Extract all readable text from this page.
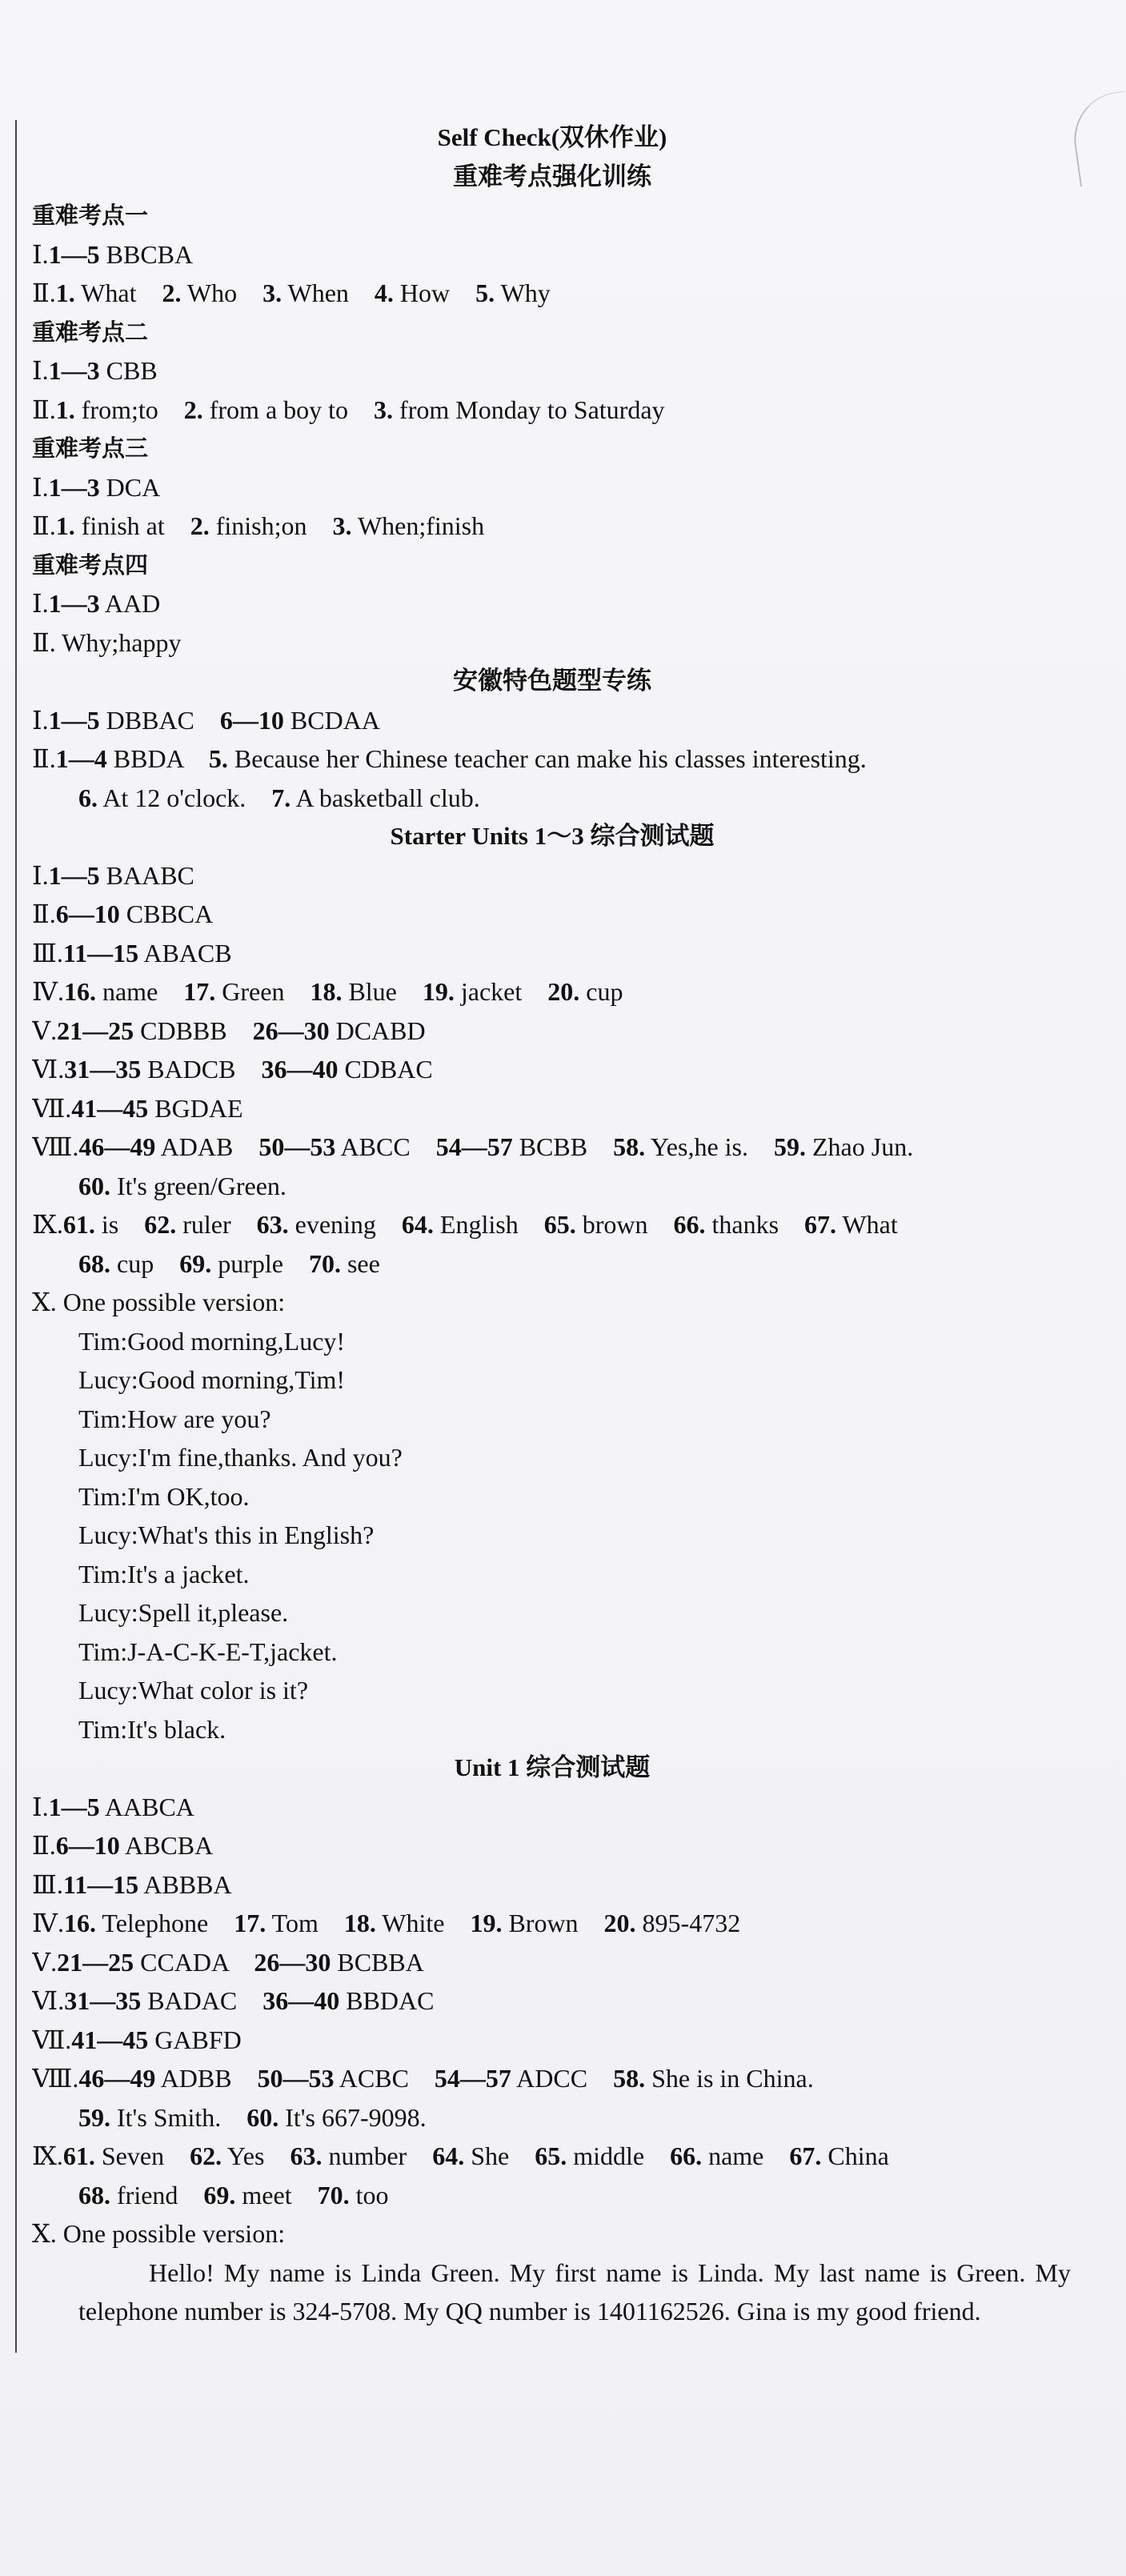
Self Check(双休作业)
重难考点强化训练
重难考点一
Ⅰ.1—5 BBCBA
Ⅱ.1. What    2. Who    3. When    4. How    5. Why
重难考点二
Ⅰ.1—3 CBB
Ⅱ.1. from;to    2. from a boy to    3. from Monday to Saturday
重难考点三
Ⅰ.1—3 DCA
Ⅱ.1. finish at    2. finish;on    3. When;finish
重难考点四
Ⅰ.1—3 AAD
Ⅱ. Why;happy
安徽特色题型专练
Ⅰ.1—5 DBBAC    6—10 BCDAA
Ⅱ.1—4 BBDA    5. Because her Chinese teacher can make his classes interesting.
6. At 12 o'clock.    7. A basketball club.
Starter Units 1～3 综合测试题
Ⅰ.1—5 BAABC
Ⅱ.6—10 CBBCA
Ⅲ.11—15 ABACB
Ⅳ.16. name    17. Green    18. Blue    19. jacket    20. cup
Ⅴ.21—25 CDBBB    26—30 DCABD
Ⅵ.31—35 BADCB    36—40 CDBAC
Ⅶ.41—45 BGDAE
Ⅷ.46—49 ADAB    50—53 ABCC    54—57 BCBB    58. Yes,he is.    59. Zhao Jun.
60. It's green/Green.
Ⅸ.61. is    62. ruler    63. evening    64. English    65. brown    66. thanks    67. What
68. cup    69. purple    70. see
Ⅹ. One possible version:
Tim:Good morning,Lucy!
Lucy:Good morning,Tim!
Tim:How are you?
Lucy:I'm fine,thanks. And you?
Tim:I'm OK,too.
Lucy:What's this in English?
Tim:It's a jacket.
Lucy:Spell it,please.
Tim:J-A-C-K-E-T,jacket.
Lucy:What color is it?
Tim:It's black.
Unit 1 综合测试题
Ⅰ.1—5 AABCA
Ⅱ.6—10 ABCBA
Ⅲ.11—15 ABBBA
Ⅳ.16. Telephone    17. Tom    18. White    19. Brown    20. 895-4732
Ⅴ.21—25 CCADA    26—30 BCBBA
Ⅵ.31—35 BADAC    36—40 BBDAC
Ⅶ.41—45 GABFD
Ⅷ.46—49 ADBB    50—53 ACBC    54—57 ADCC    58. She is in China.
59. It's Smith.    60. It's 667-9098.
Ⅸ.61. Seven    62. Yes    63. number    64. She    65. middle    66. name    67. China
68. friend    69. meet    70. too
Ⅹ. One possible version:
Hello! My name is Linda Green. My first name is Linda. My last name is Green. My telephone number is 324-5708. My QQ number is 1401162526. Gina is my good friend.
